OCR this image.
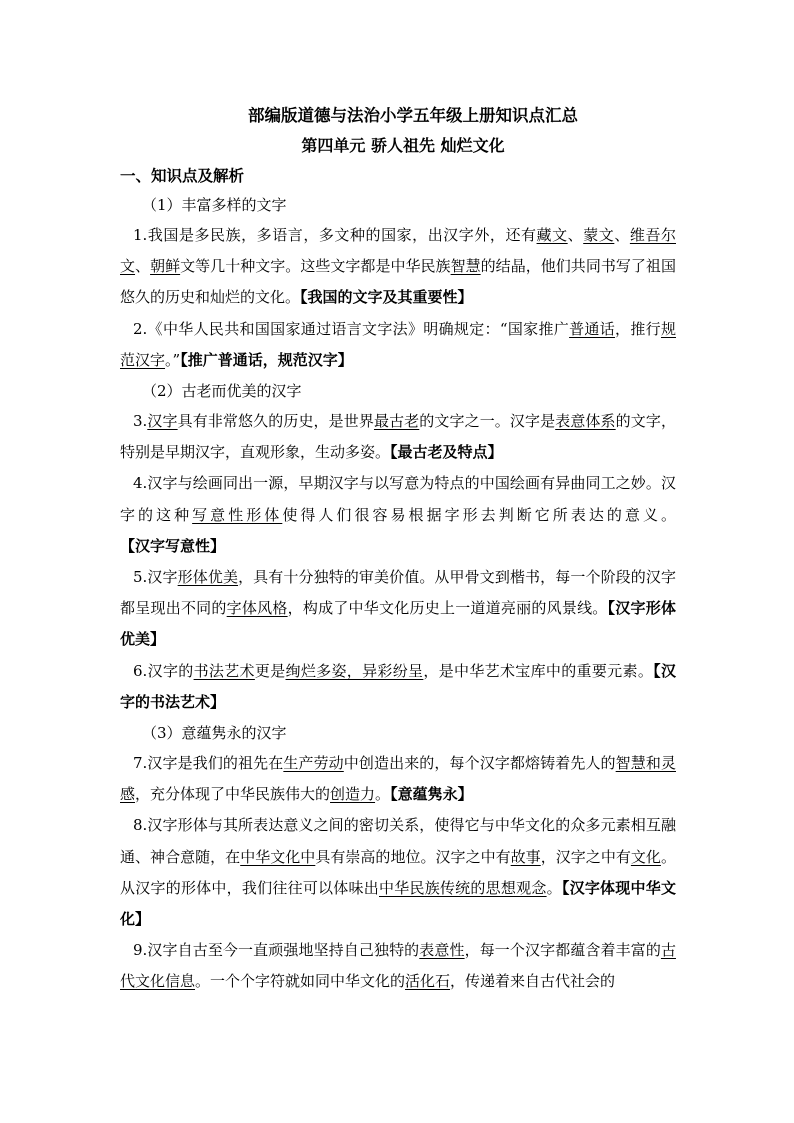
部编版道德与法治小学五年级上册知识点汇总

第四单元 骄人祖先 灿烂文化

一、知识点及解析

（1）丰富多样的文字

1.我国是多民族，多语言，多文种的国家，出汉字外，还有藏文、蒙文、维吾尔文、朝鲜文等几十种文字。这些文字都是中华民族智慧的结晶，他们共同书写了祖国悠久的历史和灿烂的文化。【我国的文字及其重要性】

2.《中华人民共和国国家通过语言文字法》明确规定：“国家推广普通话，推行规范汉字。”【推广普通话，规范汉字】

（2）古老而优美的汉字

3.汉字具有非常悠久的历史，是世界最古老的文字之一。汉字是表意体系的文字，特别是早期汉字，直观形象，生动多姿。【最古老及特点】

4.汉字与绘画同出一源，早期汉字与以写意为特点的中国绘画有异曲同工之妙。汉字的这种写意性形体使得人们很容易根据字形去判断它所表达的意义。【汉字写意性】

5.汉字形体优美，具有十分独特的审美价值。从甲骨文到楷书，每一个阶段的汉字都呈现出不同的字体风格，构成了中华文化历史上一道道亮丽的风景线。【汉字形体优美】

6.汉字的书法艺术更是绚烂多姿，异彩纷呈，是中华艺术宝库中的重要元素。【汉字的书法艺术】

（3）意蕴隽永的汉字

7.汉字是我们的祖先在生产劳动中创造出来的，每个汉字都熔铸着先人的智慧和灵感，充分体现了中华民族伟大的创造力。【意蕴隽永】

8.汉字形体与其所表达意义之间的密切关系，使得它与中华文化的众多元素相互融通、神合意随，在中华文化中具有崇高的地位。汉字之中有故事，汉字之中有文化。从汉字的形体中，我们往往可以体味出中华民族传统的思想观念。【汉字体现中华文化】

9.汉字自古至今一直顽强地坚持自己独特的表意性，每一个汉字都蕴含着丰富的古代文化信息。一个个字符就如同中华文化的活化石，传递着来自古代社会的
